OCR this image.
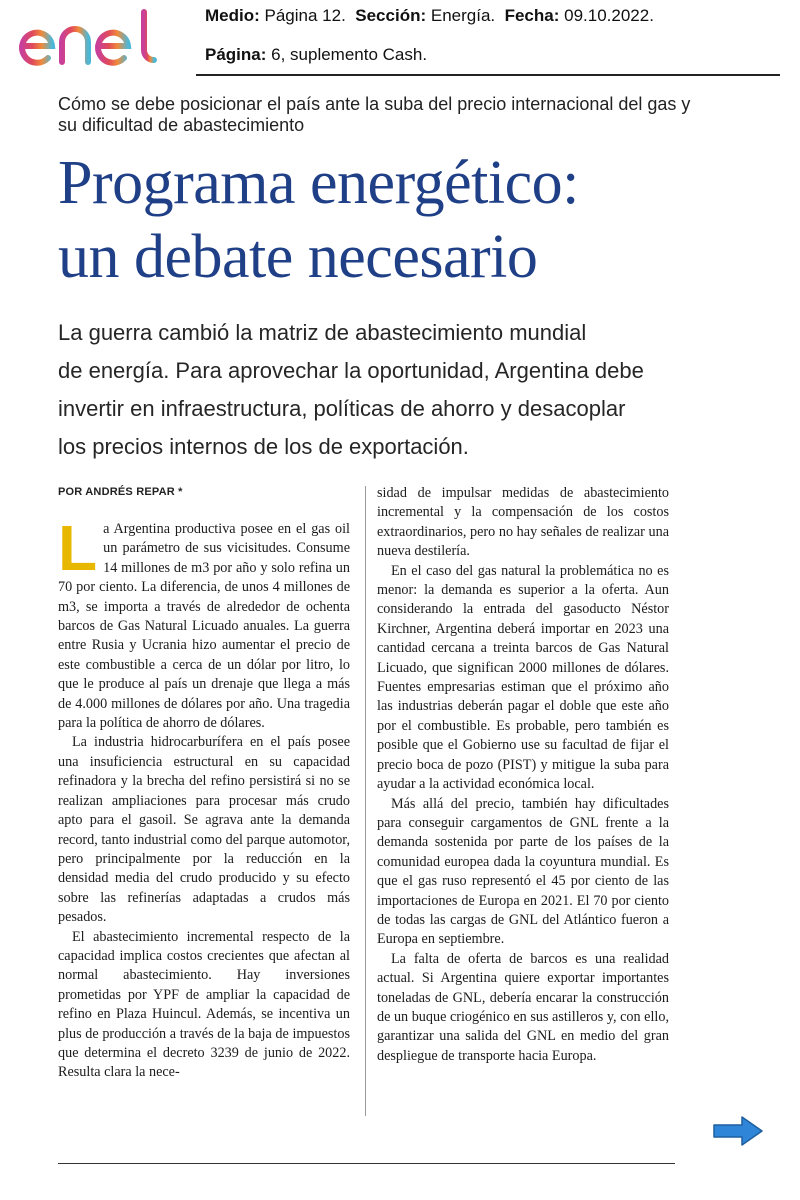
Medio: Página 12. Sección: Energía. Fecha: 09.10.2022.
Página: 6, suplemento Cash.
Cómo se debe posicionar el país ante la suba del precio internacional del gas y su dificultad de abastecimiento
Programa energético:
un debate necesario
La guerra cambió la matriz de abastecimiento mundial
de energía. Para aprovechar la oportunidad, Argentina debe
invertir en infraestructura, políticas de ahorro y desacoplar
los precios internos de los de exportación.
POR ANDRÉS REPAR *

La Argentina productiva posee en el gas oil un parámetro de sus vicisitudes. Consume 14 millones de m3 por año y solo refina un 70 por ciento. La diferencia, de unos 4 millones de m3, se importa a través de alrededor de ochenta barcos de Gas Natural Licuado anuales. La guerra entre Rusia y Ucrania hizo aumentar el precio de este combustible a cerca de un dólar por litro, lo que le produce al país un drenaje que llega a más de 4.000 millones de dólares por año. Una tragedia para la política de ahorro de dólares.

La industria hidrocarburífera en el país posee una insuficiencia estructural en su capacidad refinadora y la brecha del refino persistirá si no se realizan ampliaciones para procesar más crudo apto para el gasoil. Se agrava ante la demanda record, tanto industrial como del parque automotor, pero principalmente por la reducción en la densidad media del crudo producido y su efecto sobre las refinerías adaptadas a crudos más pesados.

El abastecimiento incremental respecto de la capacidad implica costos crecientes que afectan al normal abastecimiento. Hay inversiones prometidas por YPF de ampliar la capacidad de refino en Plaza Huincul. Además, se incentiva un plus de producción a través de la baja de impuestos que determina el decreto 3239 de junio de 2022. Resulta clara la nece-

sidad de impulsar medidas de abastecimiento incremental y la compensación de los costos extraordinarios, pero no hay señales de realizar una nueva destilería.

En el caso del gas natural la problemática no es menor: la demanda es superior a la oferta. Aun considerando la entrada del gasoducto Néstor Kirchner, Argentina deberá importar en 2023 una cantidad cercana a treinta barcos de Gas Natural Licuado, que significan 2000 millones de dólares. Fuentes empresarias estiman que el próximo año las industrias deberán pagar el doble que este año por el combustible. Es probable, pero también es posible que el Gobierno use su facultad de fijar el precio boca de pozo (PIST) y mitigue la suba para ayudar a la actividad económica local.

Más allá del precio, también hay dificultades para conseguir cargamentos de GNL frente a la demanda sostenida por parte de los países de la comunidad europea dada la coyuntura mundial. Es que el gas ruso representó el 45 por ciento de las importaciones de Europa en 2021. El 70 por ciento de todas las cargas de GNL del Atlántico fueron a Europa en septiembre.

La falta de oferta de barcos es una realidad actual. Si Argentina quiere exportar importantes toneladas de GNL, debería encarar la construcción de un buque criogénico en sus astilleros y, con ello, garantizar una salida del GNL en medio del gran despliegue de transporte hacia Europa.
